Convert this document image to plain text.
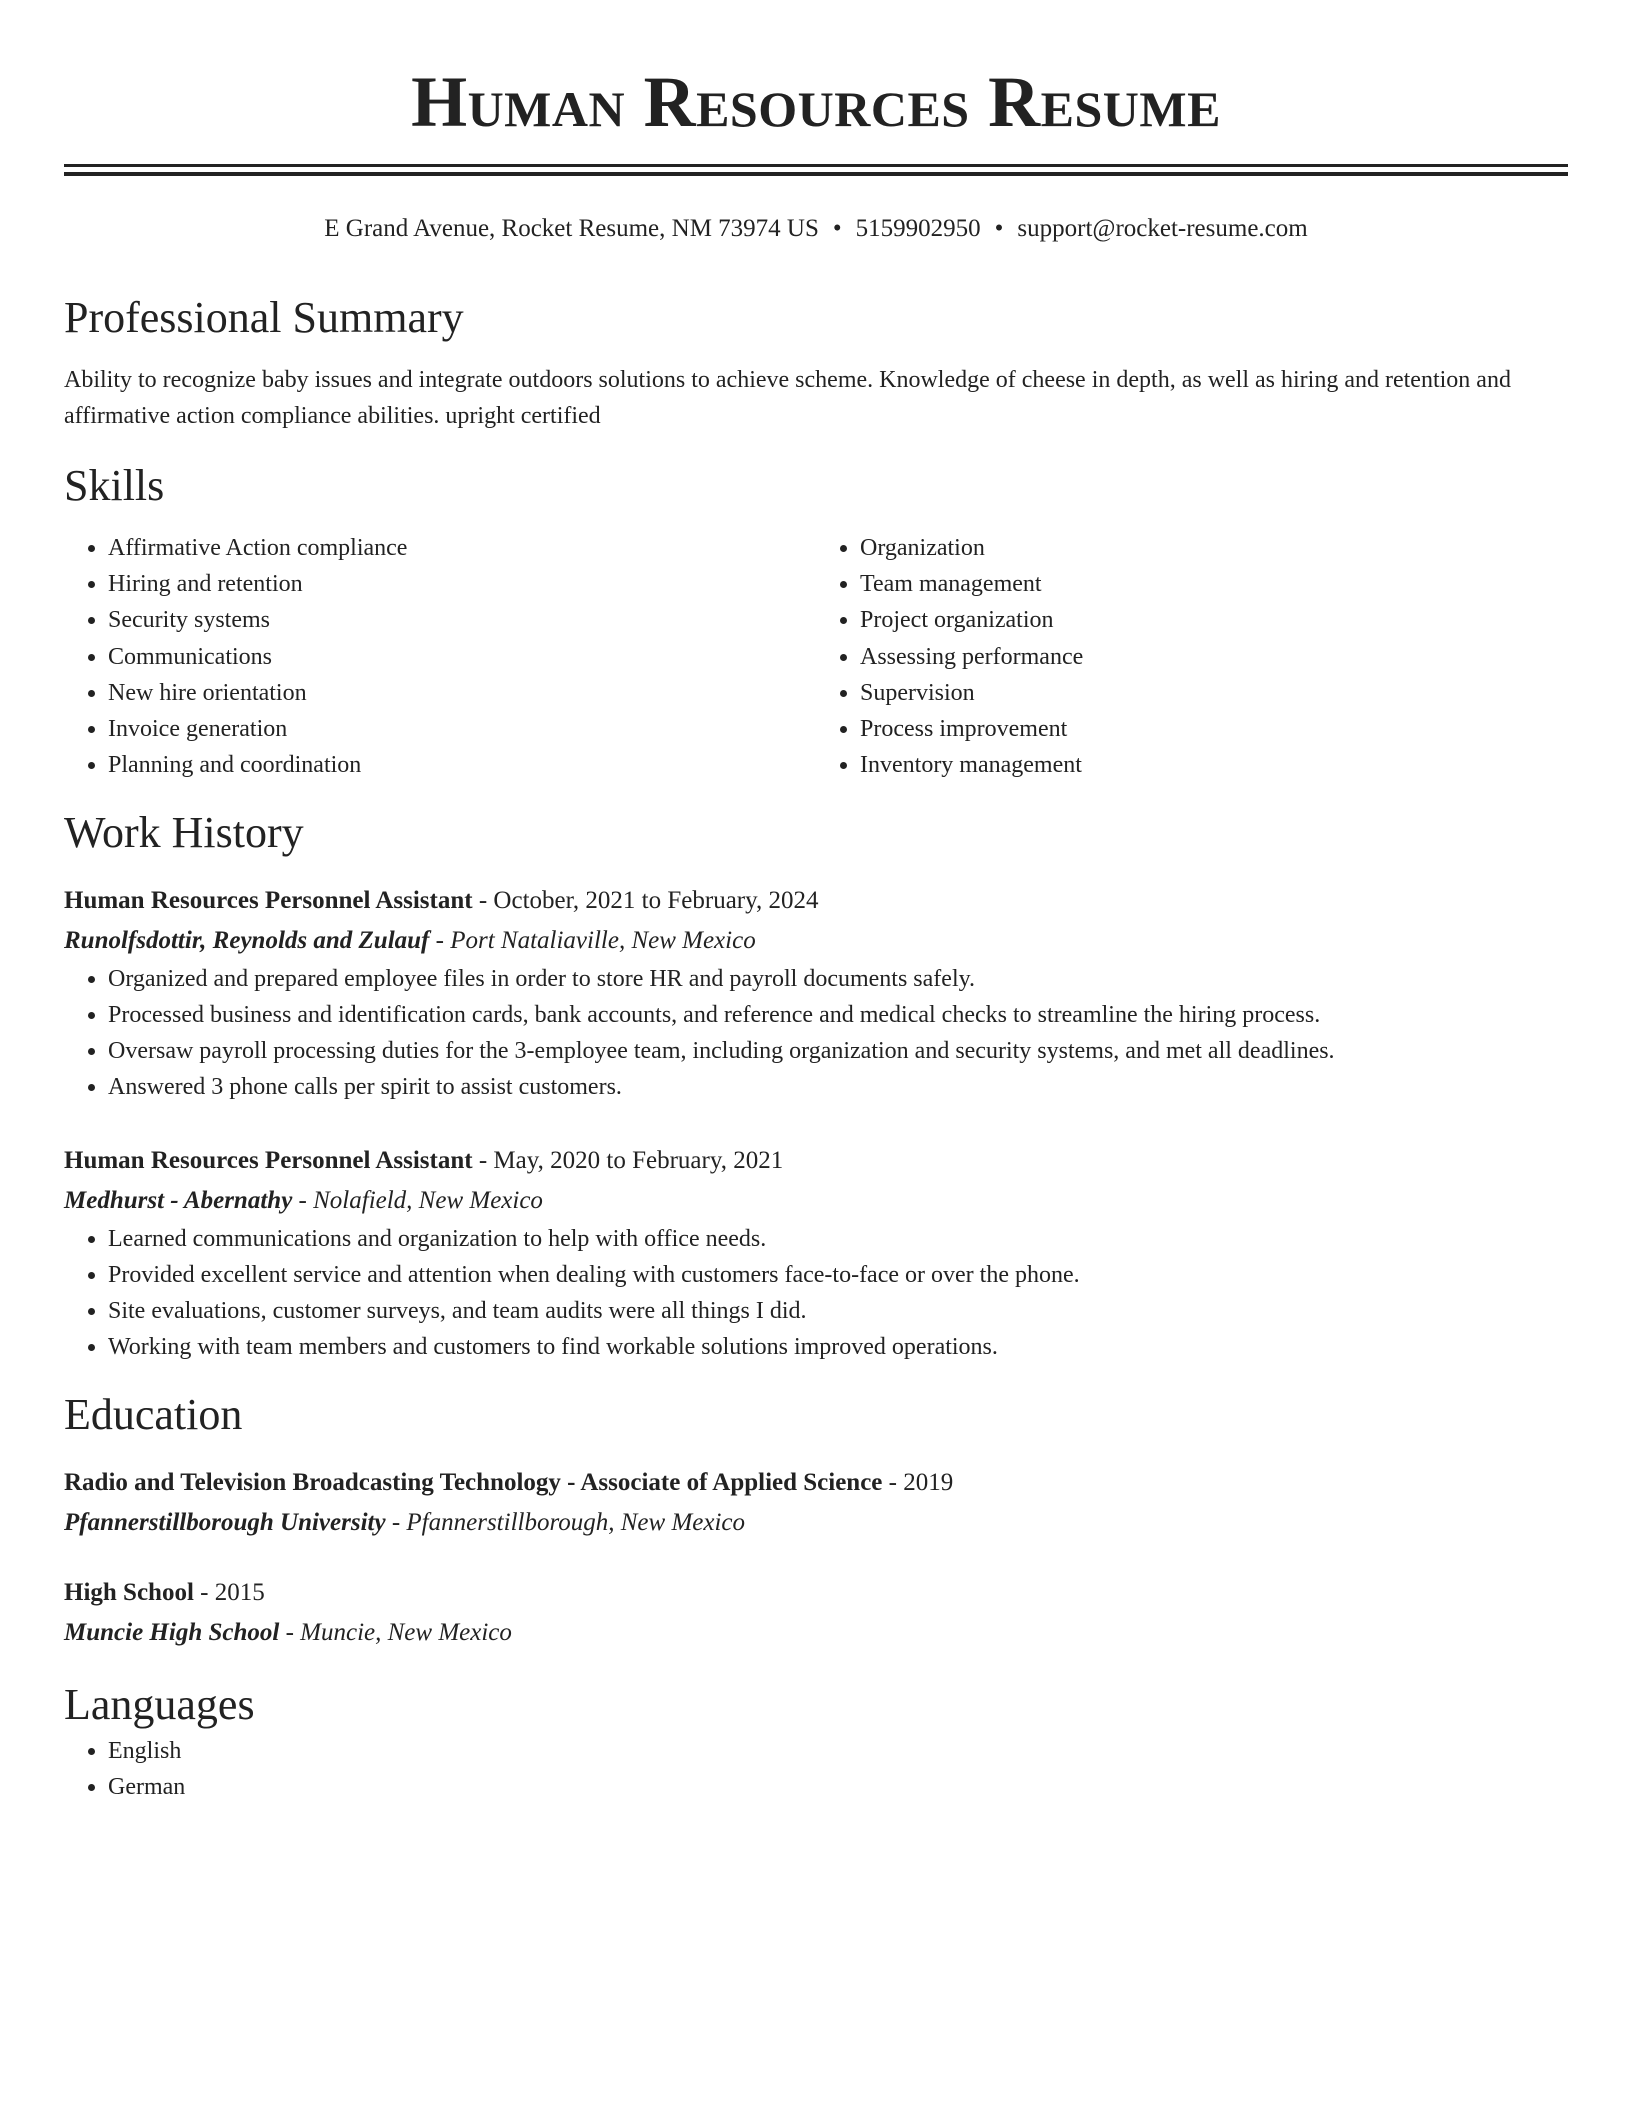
Human Resources Resume
E Grand Avenue, Rocket Resume, NM 73974 US • 5159902950 • support@rocket-resume.com
Professional Summary

Ability to recognize baby issues and integrate outdoors solutions to achieve scheme. Knowledge of cheese in depth, as well as hiring and retention and affirmative action compliance abilities. upright certified

Skills
• Affirmative Action compliance
• Hiring and retention
• Security systems
• Communications
• New hire orientation
• Invoice generation
• Planning and coordination
• Organization
• Team management
• Project organization
• Assessing performance
• Supervision
• Process improvement
• Inventory management
Work History
Human Resources Personnel Assistant - October, 2021 to February, 2024
Runolfsdottir, Reynolds and Zulauf - Port Nataliaville, New Mexico
• Organized and prepared employee files in order to store HR and payroll documents safely.
• Processed business and identification cards, bank accounts, and reference and medical checks to streamline the hiring process.
• Oversaw payroll processing duties for the 3-employee team, including organization and security systems, and met all deadlines.
• Answered 3 phone calls per spirit to assist customers.
Human Resources Personnel Assistant - May, 2020 to February, 2021
Medhurst - Abernathy - Nolafield, New Mexico
• Learned communications and organization to help with office needs.
• Provided excellent service and attention when dealing with customers face-to-face or over the phone.
• Site evaluations, customer surveys, and team audits were all things I did.
• Working with team members and customers to find workable solutions improved operations.
Education
Radio and Television Broadcasting Technology - Associate of Applied Science - 2019
Pfannerstillborough University - Pfannerstillborough, New Mexico
High School - 2015
Muncie High School - Muncie, New Mexico
Languages
• English
• German
